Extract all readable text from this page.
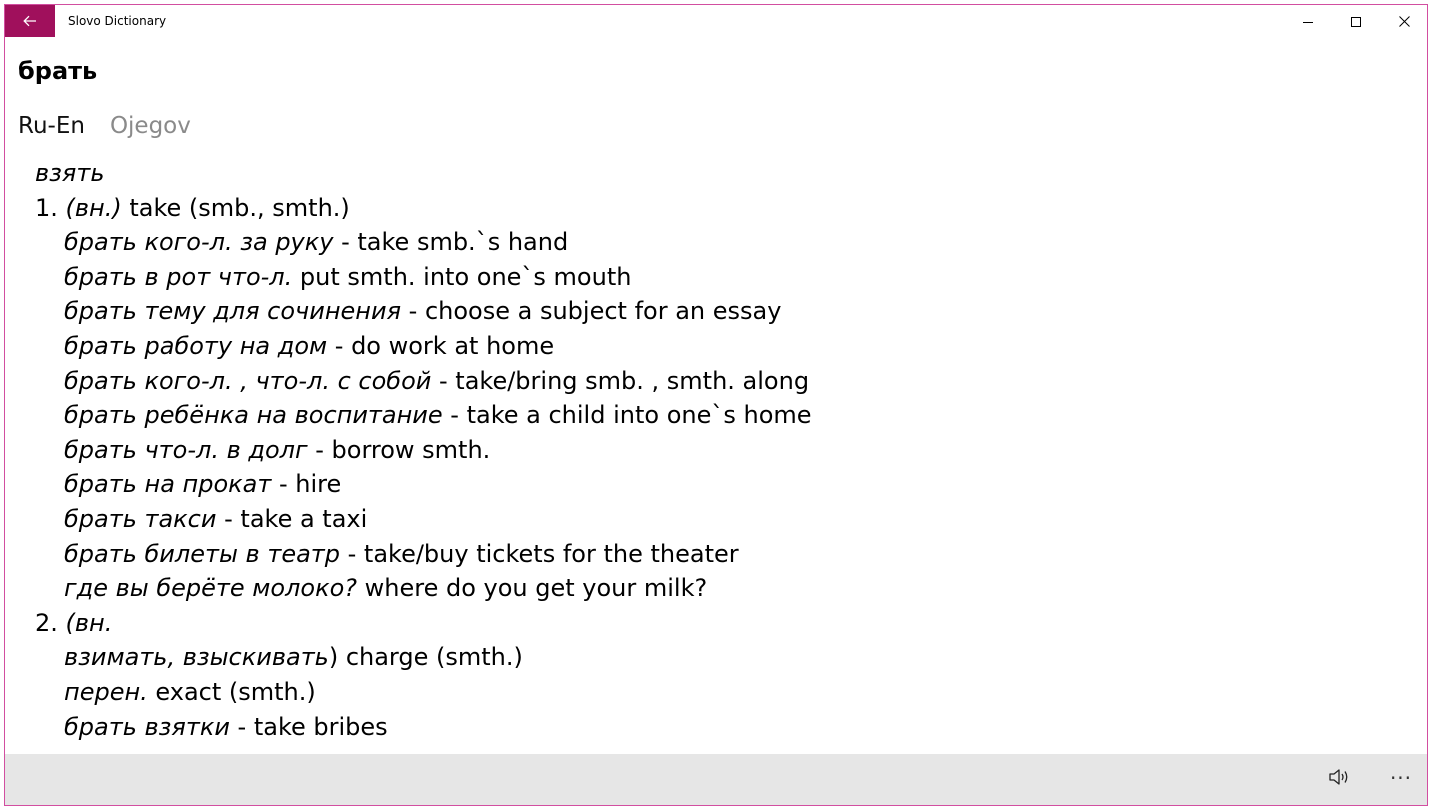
Slovo Dictionary
брать
Ru-En Ojegov
взять
1. (вн.) take (smb., smth.)
брать кого-л. за руку - take smb.`s hand
брать в рот что-л. put smth. into one`s mouth
брать тему для сочинения - choose a subject for an essay
брать работу на дом - do work at home
брать кого-л. , что-л. с собой - take/bring smb. , smth. along
брать ребёнка на воспитание - take a child into one`s home
брать что-л. в долг - borrow smth.
брать на прокат - hire
брать такси - take a taxi
брать билеты в театр - take/buy tickets for the theater
где вы берёте молоко? where do you get your milk?
2. (вн.
взимать, взыскивать) charge (smth.)
перен. exact (smth.)
брать взятки - take bribes
···
